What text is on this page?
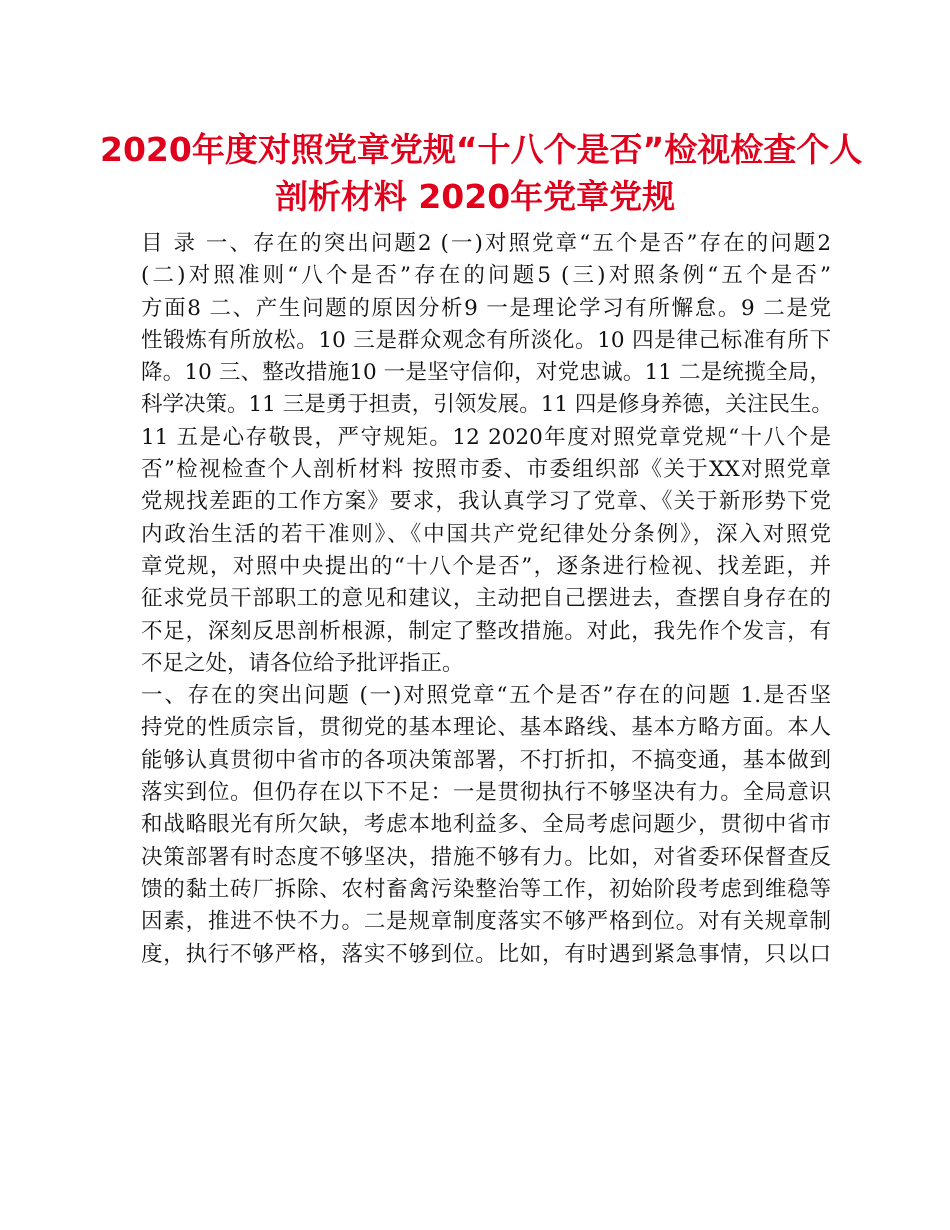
2020年度对照党章党规“十八个是否”检视检查个人
剖析材料 2020年党章党规
目 录 一、存在的突出问题2 (一)对照党章“五个是否”存在的问题2
(二)对照准则“八个是否”存在的问题5 (三)对照条例“五个是否”
方面8 二、产生问题的原因分析9 一是理论学习有所懈怠。9 二是党
性锻炼有所放松。10 三是群众观念有所淡化。10 四是律己标准有所下
降。10 三、整改措施10 一是坚守信仰，对党忠诚。11 二是统揽全局，
科学决策。11 三是勇于担责，引领发展。11 四是修身养德，关注民生。
11 五是心存敬畏，严守规矩。12 2020年度对照党章党规“十八个是
否”检视检查个人剖析材料 按照市委、市委组织部《关于XX对照党章
党规找差距的工作方案》要求，我认真学习了党章、《关于新形势下党
内政治生活的若干准则》、《中国共产党纪律处分条例》，深入对照党
章党规，对照中央提出的“十八个是否”，逐条进行检视、找差距，并
征求党员干部职工的意见和建议，主动把自己摆进去，查摆自身存在的
不足，深刻反思剖析根源，制定了整改措施。对此，我先作个发言，有
不足之处，请各位给予批评指正。
一、存在的突出问题 (一)对照党章“五个是否”存在的问题 1.是否坚
持党的性质宗旨，贯彻党的基本理论、基本路线、基本方略方面。本人
能够认真贯彻中省市的各项决策部署，不打折扣，不搞变通，基本做到
落实到位。但仍存在以下不足：一是贯彻执行不够坚决有力。全局意识
和战略眼光有所欠缺，考虑本地利益多、全局考虑问题少，贯彻中省市
决策部署有时态度不够坚决，措施不够有力。比如，对省委环保督查反
馈的黏土砖厂拆除、农村畜禽污染整治等工作，初始阶段考虑到维稳等
因素，推进不快不力。二是规章制度落实不够严格到位。对有关规章制
度，执行不够严格，落实不够到位。比如，有时遇到紧急事情，只以口
